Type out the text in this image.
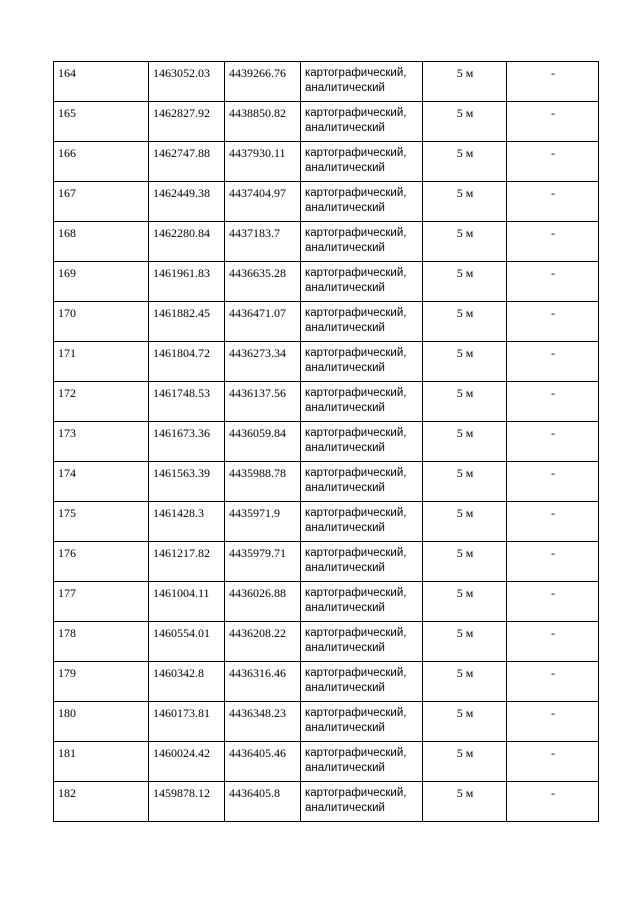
164	1463052.03	4439266.76	картографический, аналитический	5 м	-
165	1462827.92	4438850.82	картографический, аналитический	5 м	-
166	1462747.88	4437930.11	картографический, аналитический	5 м	-
167	1462449.38	4437404.97	картографический, аналитический	5 м	-
168	1462280.84	4437183.7	картографический, аналитический	5 м	-
169	1461961.83	4436635.28	картографический, аналитический	5 м	-
170	1461882.45	4436471.07	картографический, аналитический	5 м	-
171	1461804.72	4436273.34	картографический, аналитический	5 м	-
172	1461748.53	4436137.56	картографический, аналитический	5 м	-
173	1461673.36	4436059.84	картографический, аналитический	5 м	-
174	1461563.39	4435988.78	картографический, аналитический	5 м	-
175	1461428.3	4435971.9	картографический, аналитический	5 м	-
176	1461217.82	4435979.71	картографический, аналитический	5 м	-
177	1461004.11	4436026.88	картографический, аналитический	5 м	-
178	1460554.01	4436208.22	картографический, аналитический	5 м	-
179	1460342.8	4436316.46	картографический, аналитический	5 м	-
180	1460173.81	4436348.23	картографический, аналитический	5 м	-
181	1460024.42	4436405.46	картографический, аналитический	5 м	-
182	1459878.12	4436405.8	картографический, аналитический	5 м	-
